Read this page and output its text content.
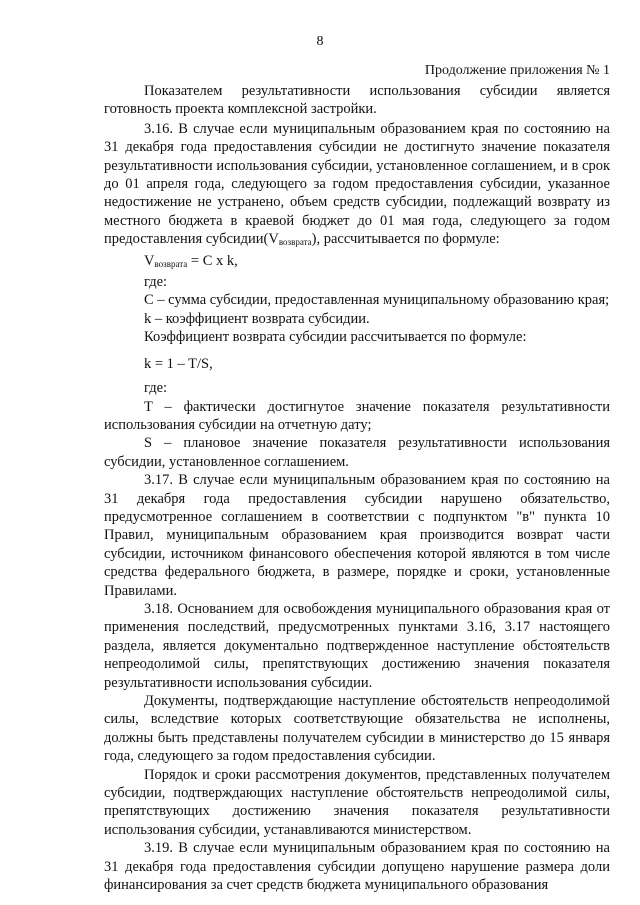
8
Продолжение приложения № 1

Показателем результативности использования субсидии является готовность проекта комплексной застройки.

3.16. В случае если муниципальным образованием края по состоянию на 31 декабря года предоставления субсидии не достигнуто значение показателя результативности использования субсидии, установленное соглашением, и в срок до 01 апреля года, следующего за годом предоставления субсидии, указанное недостижение не устранено, объем средств субсидии, подлежащий возврату из местного бюджета в краевой бюджет до 01 мая года, следующего за годом предоставления $субсидии(V_{возврата})$, рассчитывается по формуле:

$V_{возврата} = С$ х k,

где:

С – сумма субсидии, предоставленная муниципальному образованию края;

k – коэффициент возврата субсидии.

Коэффициент возврата субсидии рассчитывается по формуле:

k = 1 – T/S,

где:

T – фактически достигнутое значение показателя результативности использования субсидии на отчетную дату;

S – плановое значение показателя результативности использования субсидии, установленное соглашением.

3.17. В случае если муниципальным образованием края по состоянию на 31 декабря года предоставления субсидии нарушено обязательство, предусмотренное соглашением в соответствии с подпунктом "в" пункта 10 Правил, муниципальным образованием края производится возврат части субсидии, источником финансового обеспечения которой являются в том числе средства федерального бюджета, в размере, порядке и сроки, установленные Правилами.

3.18. Основанием для освобождения муниципального образования края от применения последствий, предусмотренных пунктами 3.16, 3.17 настоящего раздела, является документально подтвержденное наступление обстоятельств непреодолимой силы, препятствующих достижению значения показателя результативности использования субсидии.

Документы, подтверждающие наступление обстоятельств непреодолимой силы, вследствие которых соответствующие обязательства не исполнены, должны быть представлены получателем субсидии в министерство до 15 января года, следующего за годом предоставления субсидии.

Порядок и сроки рассмотрения документов, представленных получателем субсидии, подтверждающих наступление обстоятельств непреодолимой силы, препятствующих достижению значения показателя результативности использования субсидии, устанавливаются министерством.

3.19. В случае если муниципальным образованием края по состоянию на 31 декабря года предоставления субсидии допущено нарушение размера доли финансирования за счет средств бюджета муниципального образования
